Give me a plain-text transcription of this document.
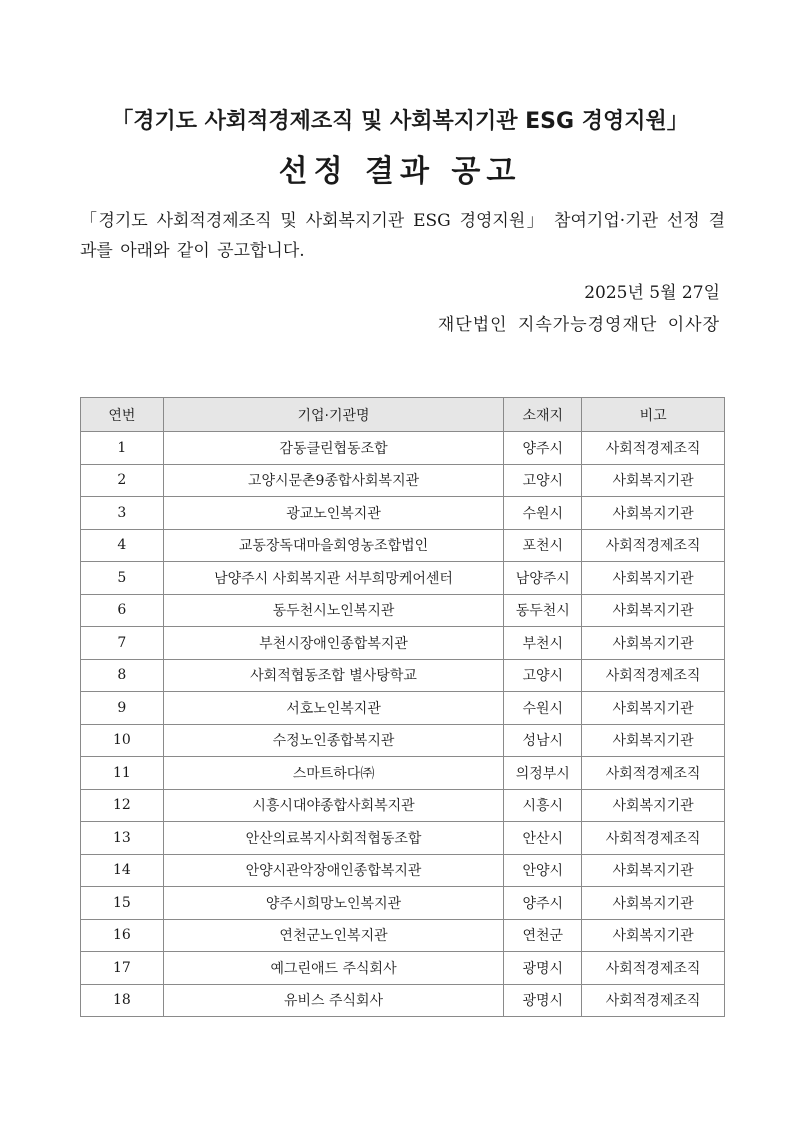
「경기도 사회적경제조직 및 사회복지기관 ESG 경영지원」
선정 결과 공고
「경기도 사회적경제조직 및 사회복지기관 ESG 경영지원」 참여기업·기관 선정 결과를 아래와 같이 공고합니다.
2025년 5월 27일
재단법인 지속가능경영재단 이사장
연번	기업·기관명	소재지	비고
1	감동클린협동조합	양주시	사회적경제조직
2	고양시문촌9종합사회복지관	고양시	사회복지기관
3	광교노인복지관	수원시	사회복지기관
4	교동장독대마을회영농조합법인	포천시	사회적경제조직
5	남양주시 사회복지관 서부희망케어센터	남양주시	사회복지기관
6	동두천시노인복지관	동두천시	사회복지기관
7	부천시장애인종합복지관	부천시	사회복지기관
8	사회적협동조합 별사탕학교	고양시	사회적경제조직
9	서호노인복지관	수원시	사회복지기관
10	수정노인종합복지관	성남시	사회복지기관
11	스마트하다㈜	의정부시	사회적경제조직
12	시흥시대야종합사회복지관	시흥시	사회복지기관
13	안산의료복지사회적협동조합	안산시	사회적경제조직
14	안양시관악장애인종합복지관	안양시	사회복지기관
15	양주시희망노인복지관	양주시	사회복지기관
16	연천군노인복지관	연천군	사회복지기관
17	예그린애드 주식회사	광명시	사회적경제조직
18	유비스 주식회사	광명시	사회적경제조직
